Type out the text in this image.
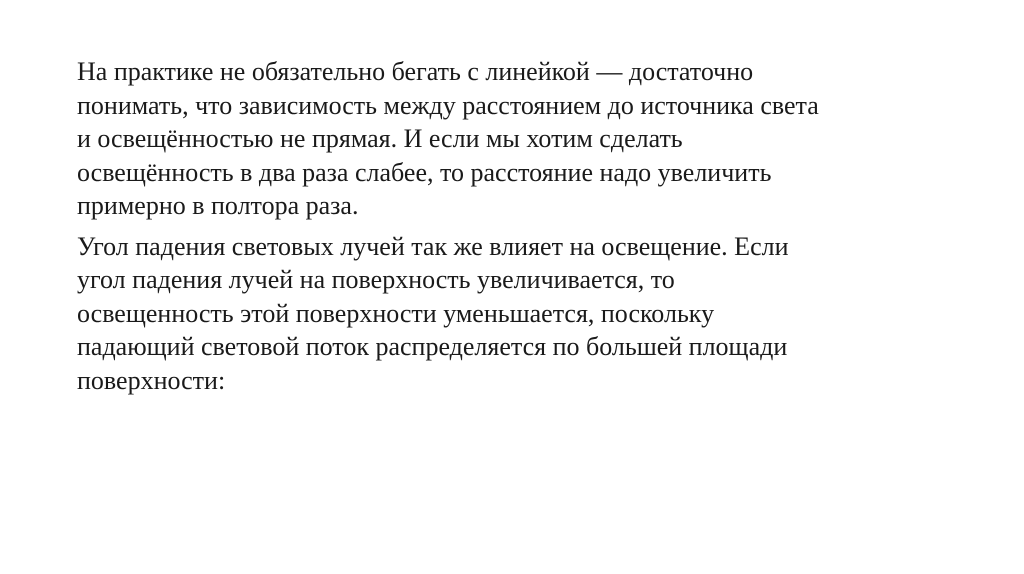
На практике не обязательно бегать с линейкой — достаточно
понимать, что зависимость между расстоянием до источника света
и освещённостью не прямая. И если мы хотим сделать
освещённость в два раза слабее, то расстояние надо увеличить
примерно в полтора раза.

Угол падения световых лучей так же влияет на освещение. Если
угол падения лучей на поверхность увеличивается, то
освещенность этой поверхности уменьшается, поскольку
падающий световой поток распределяется по большей площади
поверхности:
